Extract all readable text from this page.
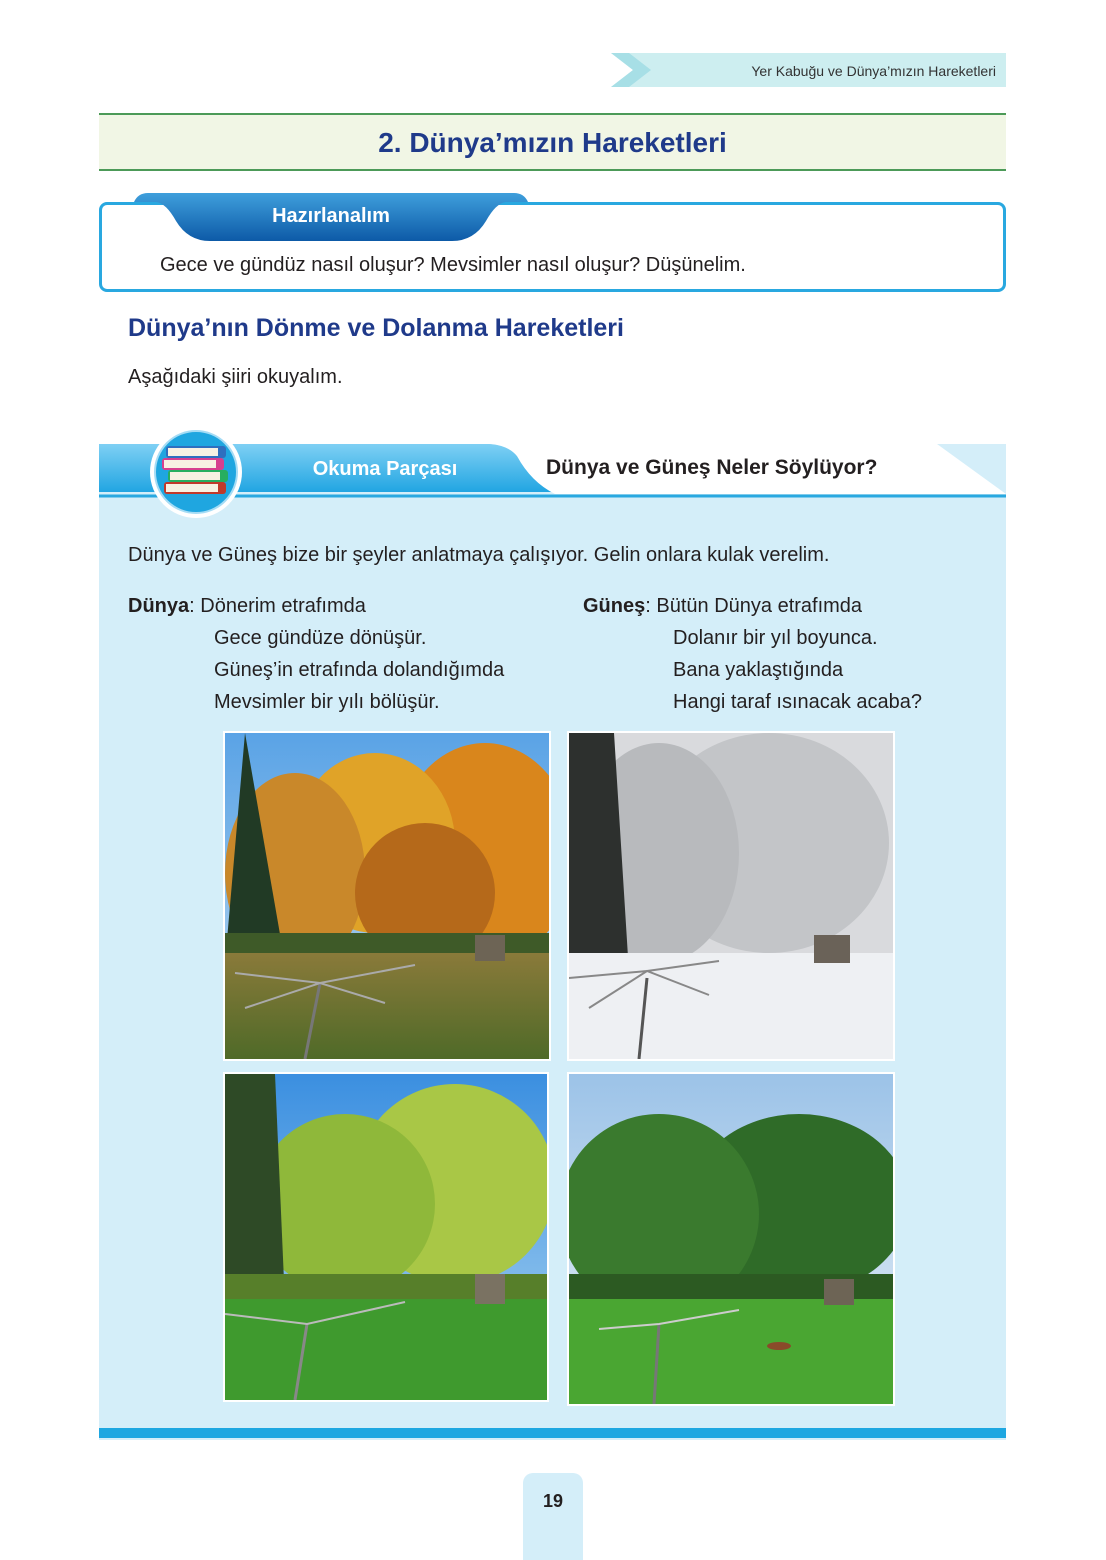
Yer Kabuğu ve Dünya’mızın Hareketleri
2. Dünya’mızın Hareketleri
Hazırlanalım
Gece ve gündüz nasıl oluşur? Mevsimler nasıl oluşur? Düşünelim.
Dünya’nın Dönme ve Dolanma Hareketleri
Aşağıdaki şiiri okuyalım.
Okuma Parçası	Dünya ve Güneş Neler Söylüyor?
Dünya ve Güneş bize bir şeyler anlatmaya çalışıyor. Gelin onlara kulak verelim.
Dünya: Dönerim etrafımda
Gece gündüze dönüşür.
Güneş’in etrafında dolandığımda
Mevsimler bir yılı bölüşür.
Güneş: Bütün Dünya etrafımda
Dolanır bir yıl boyunca.
Bana yaklaştığında
Hangi taraf ısınacak acaba?
19
